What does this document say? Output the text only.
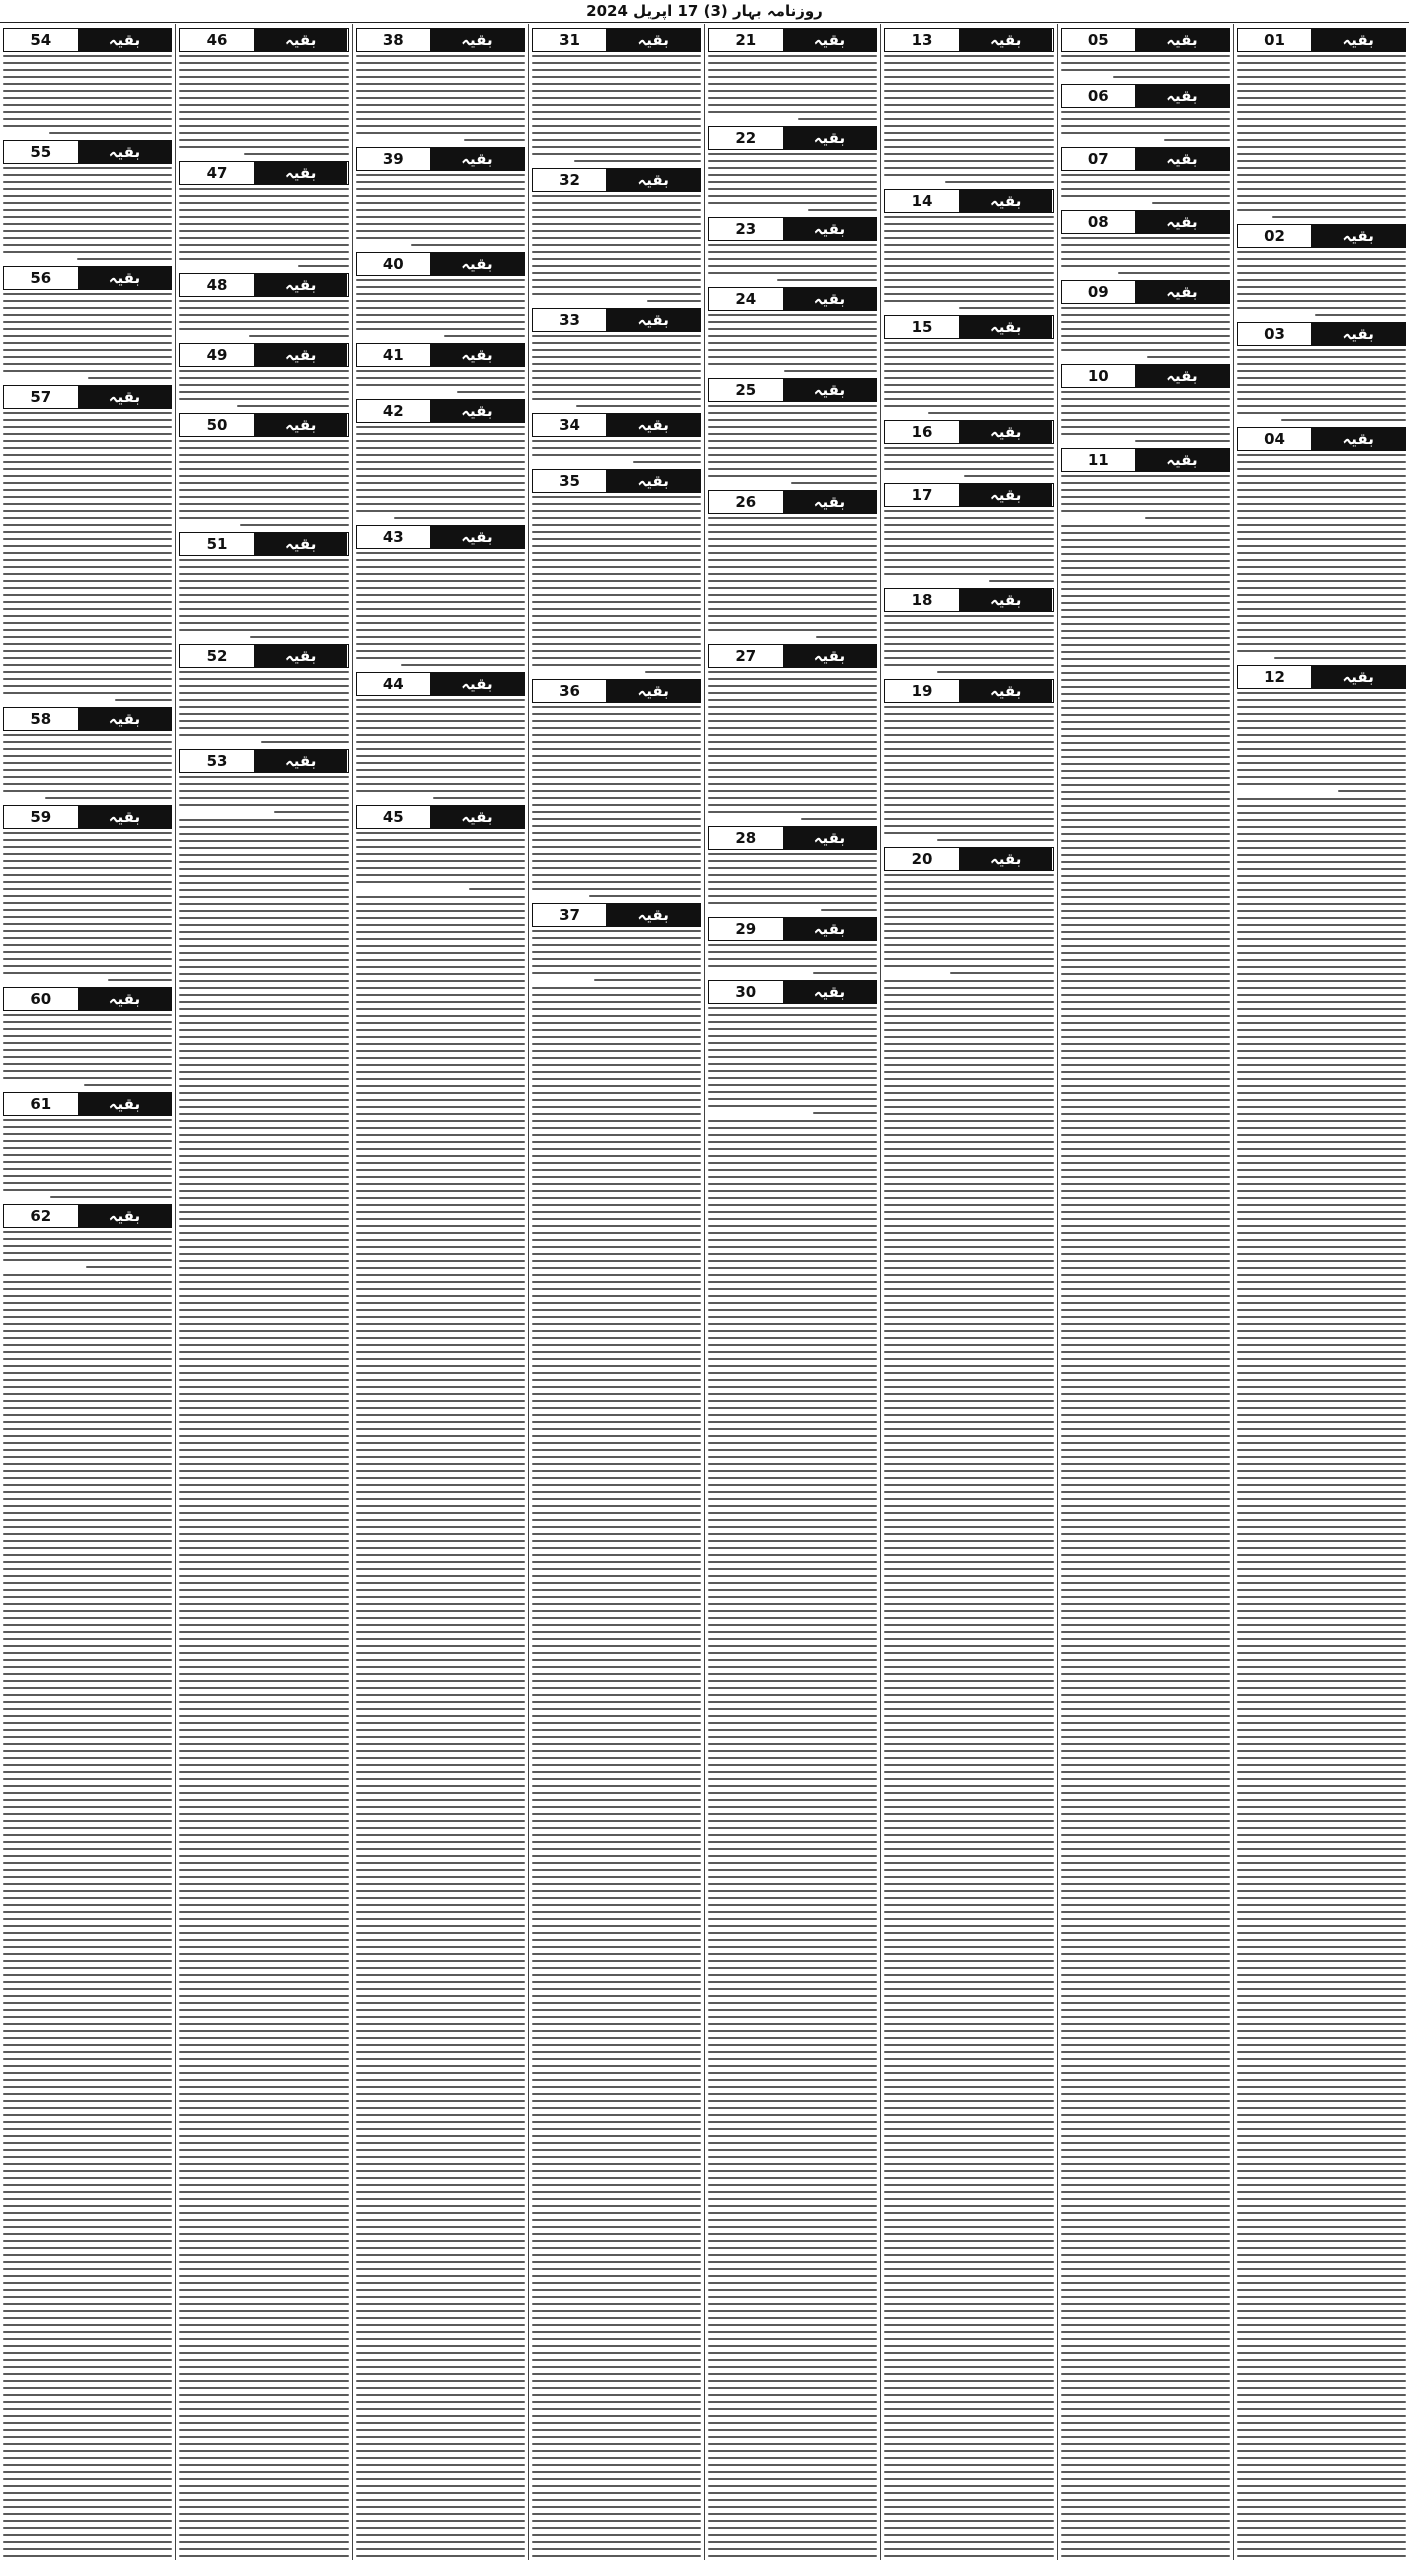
روزنامہ بہار (3) 17 اپریل 2024
01	بقیہ
02	بقیہ
03	بقیہ
04	بقیہ
12	بقیہ
05	بقیہ
06	بقیہ
07	بقیہ
08	بقیہ
09	بقیہ
10	بقیہ
11	بقیہ
13	بقیہ
14	بقیہ
15	بقیہ
16	بقیہ
17	بقیہ
18	بقیہ
19	بقیہ
20	بقیہ
21	بقیہ
22	بقیہ
23	بقیہ
24	بقیہ
25	بقیہ
26	بقیہ
27	بقیہ
28	بقیہ
29	بقیہ
30	بقیہ
31	بقیہ
32	بقیہ
33	بقیہ
34	بقیہ
35	بقیہ
36	بقیہ
37	بقیہ
38	بقیہ
39	بقیہ
40	بقیہ
41	بقیہ
42	بقیہ
43	بقیہ
44	بقیہ
45	بقیہ
46	بقیہ
47	بقیہ
48	بقیہ
49	بقیہ
50	بقیہ
51	بقیہ
52	بقیہ
53	بقیہ
54	بقیہ
55	بقیہ
56	بقیہ
57	بقیہ
58	بقیہ
59	بقیہ
60	بقیہ
61	بقیہ
62	بقیہ
